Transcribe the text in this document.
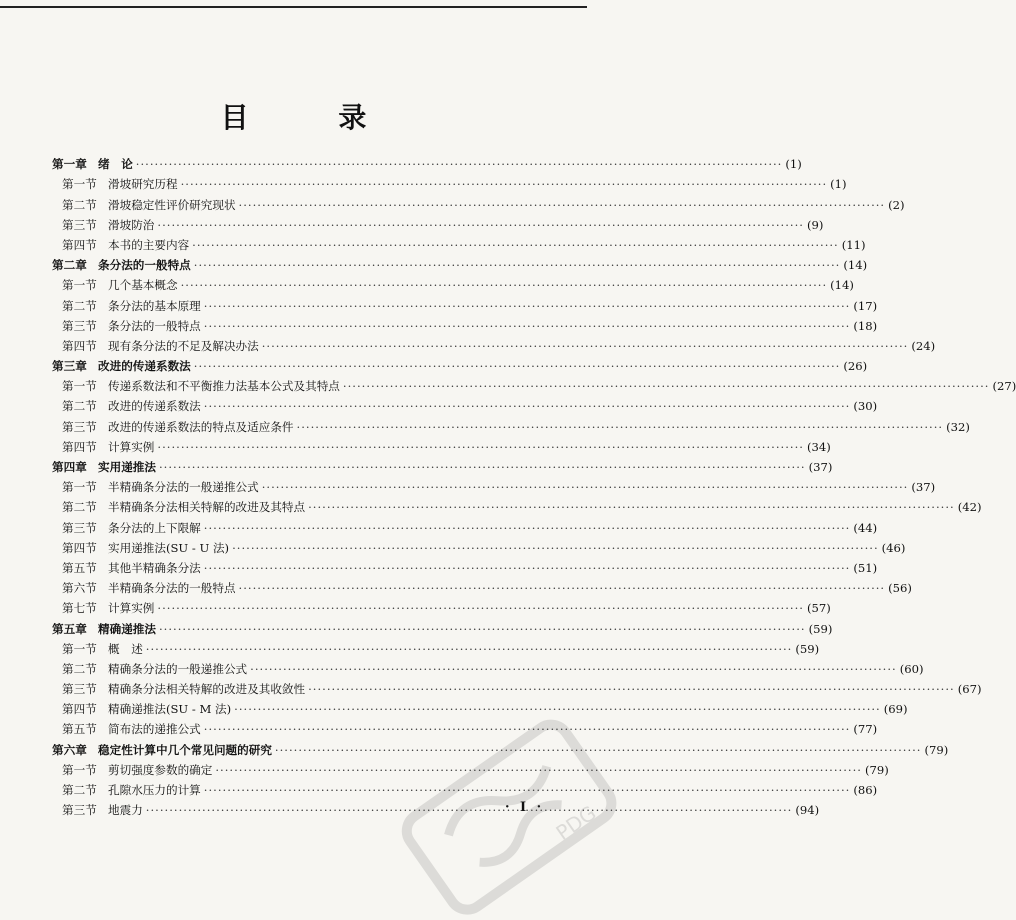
目 录
第一章 绪　论 ·····	(1)
第一节 滑坡研究历程 ·····	(1)
第二节 滑坡稳定性评价研究现状 ·····	(2)
第三节 滑坡防治 ·····	(9)
第四节 本书的主要内容 ·····	(11)
第二章 条分法的一般特点 ·····	(14)
第一节 几个基本概念 ·····	(14)
第二节 条分法的基本原理 ·····	(17)
第三节 条分法的一般特点 ·····	(18)
第四节 现有条分法的不足及解决办法 ·····	(24)
第三章 改进的传递系数法 ·····	(26)
第一节 传递系数法和不平衡推力法基本公式及其特点 ·····	(27)
第二节 改进的传递系数法 ·····	(30)
第三节 改进的传递系数法的特点及适应条件 ·····	(32)
第四节 计算实例 ·····	(34)
第四章 实用递推法 ·····	(37)
第一节 半精确条分法的一般递推公式 ·····	(37)
第二节 半精确条分法相关特解的改进及其特点 ·····	(42)
第三节 条分法的上下限解 ·····	(44)
第四节 实用递推法(SU - U 法) ·····	(46)
第五节 其他半精确条分法 ·····	(51)
第六节 半精确条分法的一般特点 ·····	(56)
第七节 计算实例 ·····	(57)
第五章 精确递推法 ·····	(59)
第一节 概　述 ·····	(59)
第二节 精确条分法的一般递推公式 ·····	(60)
第三节 精确条分法相关特解的改进及其收敛性 ·····	(67)
第四节 精确递推法(SU - M 法) ·····	(69)
第五节 简布法的递推公式 ·····	(77)
第六章 稳定性计算中几个常见问题的研究 ·····	(79)
第一节 剪切强度参数的确定 ·····	(79)
第二节 孔隙水压力的计算 ·····	(86)
第三节 地震力 ·····	(94)
· I · PDG
